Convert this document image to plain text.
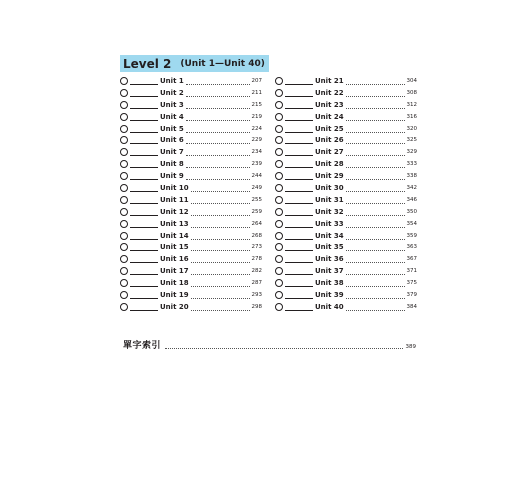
Level 2 (Unit 1—Unit 40)
Unit 1	207
Unit 2	211
Unit 3	215
Unit 4	219
Unit 5	224
Unit 6	229
Unit 7	234
Unit 8	239
Unit 9	244
Unit 10	249
Unit 11	255
Unit 12	259
Unit 13	264
Unit 14	268
Unit 15	273
Unit 16	278
Unit 17	282
Unit 18	287
Unit 19	293
Unit 20	298
Unit 21	304
Unit 22	308
Unit 23	312
Unit 24	316
Unit 25	320
Unit 26	325
Unit 27	329
Unit 28	333
Unit 29	338
Unit 30	342
Unit 31	346
Unit 32	350
Unit 33	354
Unit 34	359
Unit 35	363
Unit 36	367
Unit 37	371
Unit 38	375
Unit 39	379
Unit 40	384
單字索引	389
